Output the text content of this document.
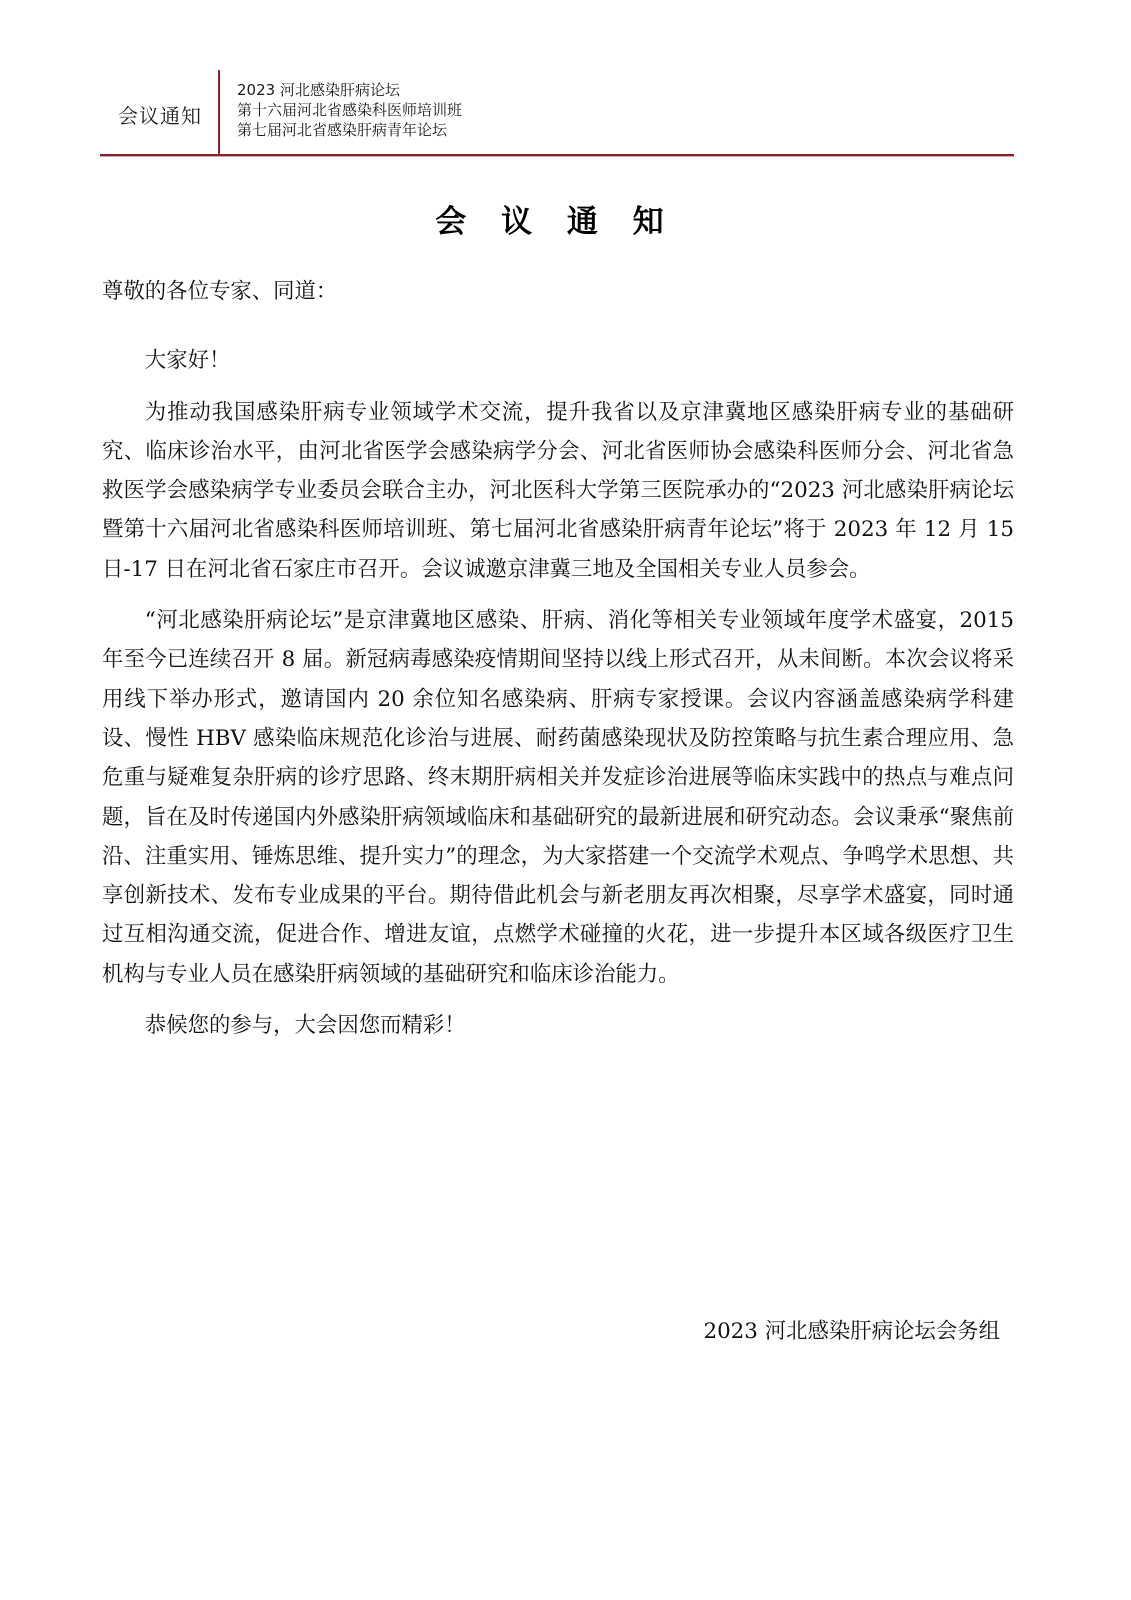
会议通知
2023 河北感染肝病论坛
第十六届河北省感染科医师培训班
第七届河北省感染肝病青年论坛
会 议 通 知

尊敬的各位专家、同道：

大家好！

为推动我国感染肝病专业领域学术交流，提升我省以及京津冀地区感染肝病专业的基础研究、临床诊治水平，由河北省医学会感染病学分会、河北省医师协会感染科医师分会、河北省急救医学会感染病学专业委员会联合主办，河北医科大学第三医院承办的“2023 河北感染肝病论坛暨第十六届河北省感染科医师培训班、第七届河北省感染肝病青年论坛”将于 2023 年 12 月 15 日-17 日在河北省石家庄市召开。会议诚邀京津冀三地及全国相关专业人员参会。

“河北感染肝病论坛”是京津冀地区感染、肝病、消化等相关专业领域年度学术盛宴，2015 年至今已连续召开 8 届。新冠病毒感染疫情期间坚持以线上形式召开，从未间断。本次会议将采用线下举办形式，邀请国内 20 余位知名感染病、肝病专家授课。会议内容涵盖感染病学科建设、慢性 HBV 感染临床规范化诊治与进展、耐药菌感染现状及防控策略与抗生素合理应用、急危重与疑难复杂肝病的诊疗思路、终末期肝病相关并发症诊治进展等临床实践中的热点与难点问题，旨在及时传递国内外感染肝病领域临床和基础研究的最新进展和研究动态。会议秉承“聚焦前沿、注重实用、锤炼思维、提升实力”的理念，为大家搭建一个交流学术观点、争鸣学术思想、共享创新技术、发布专业成果的平台。期待借此机会与新老朋友再次相聚，尽享学术盛宴，同时通过互相沟通交流，促进合作、增进友谊，点燃学术碰撞的火花，进一步提升本区域各级医疗卫生机构与专业人员在感染肝病领域的基础研究和临床诊治能力。

恭候您的参与，大会因您而精彩！

2023 河北感染肝病论坛会务组
